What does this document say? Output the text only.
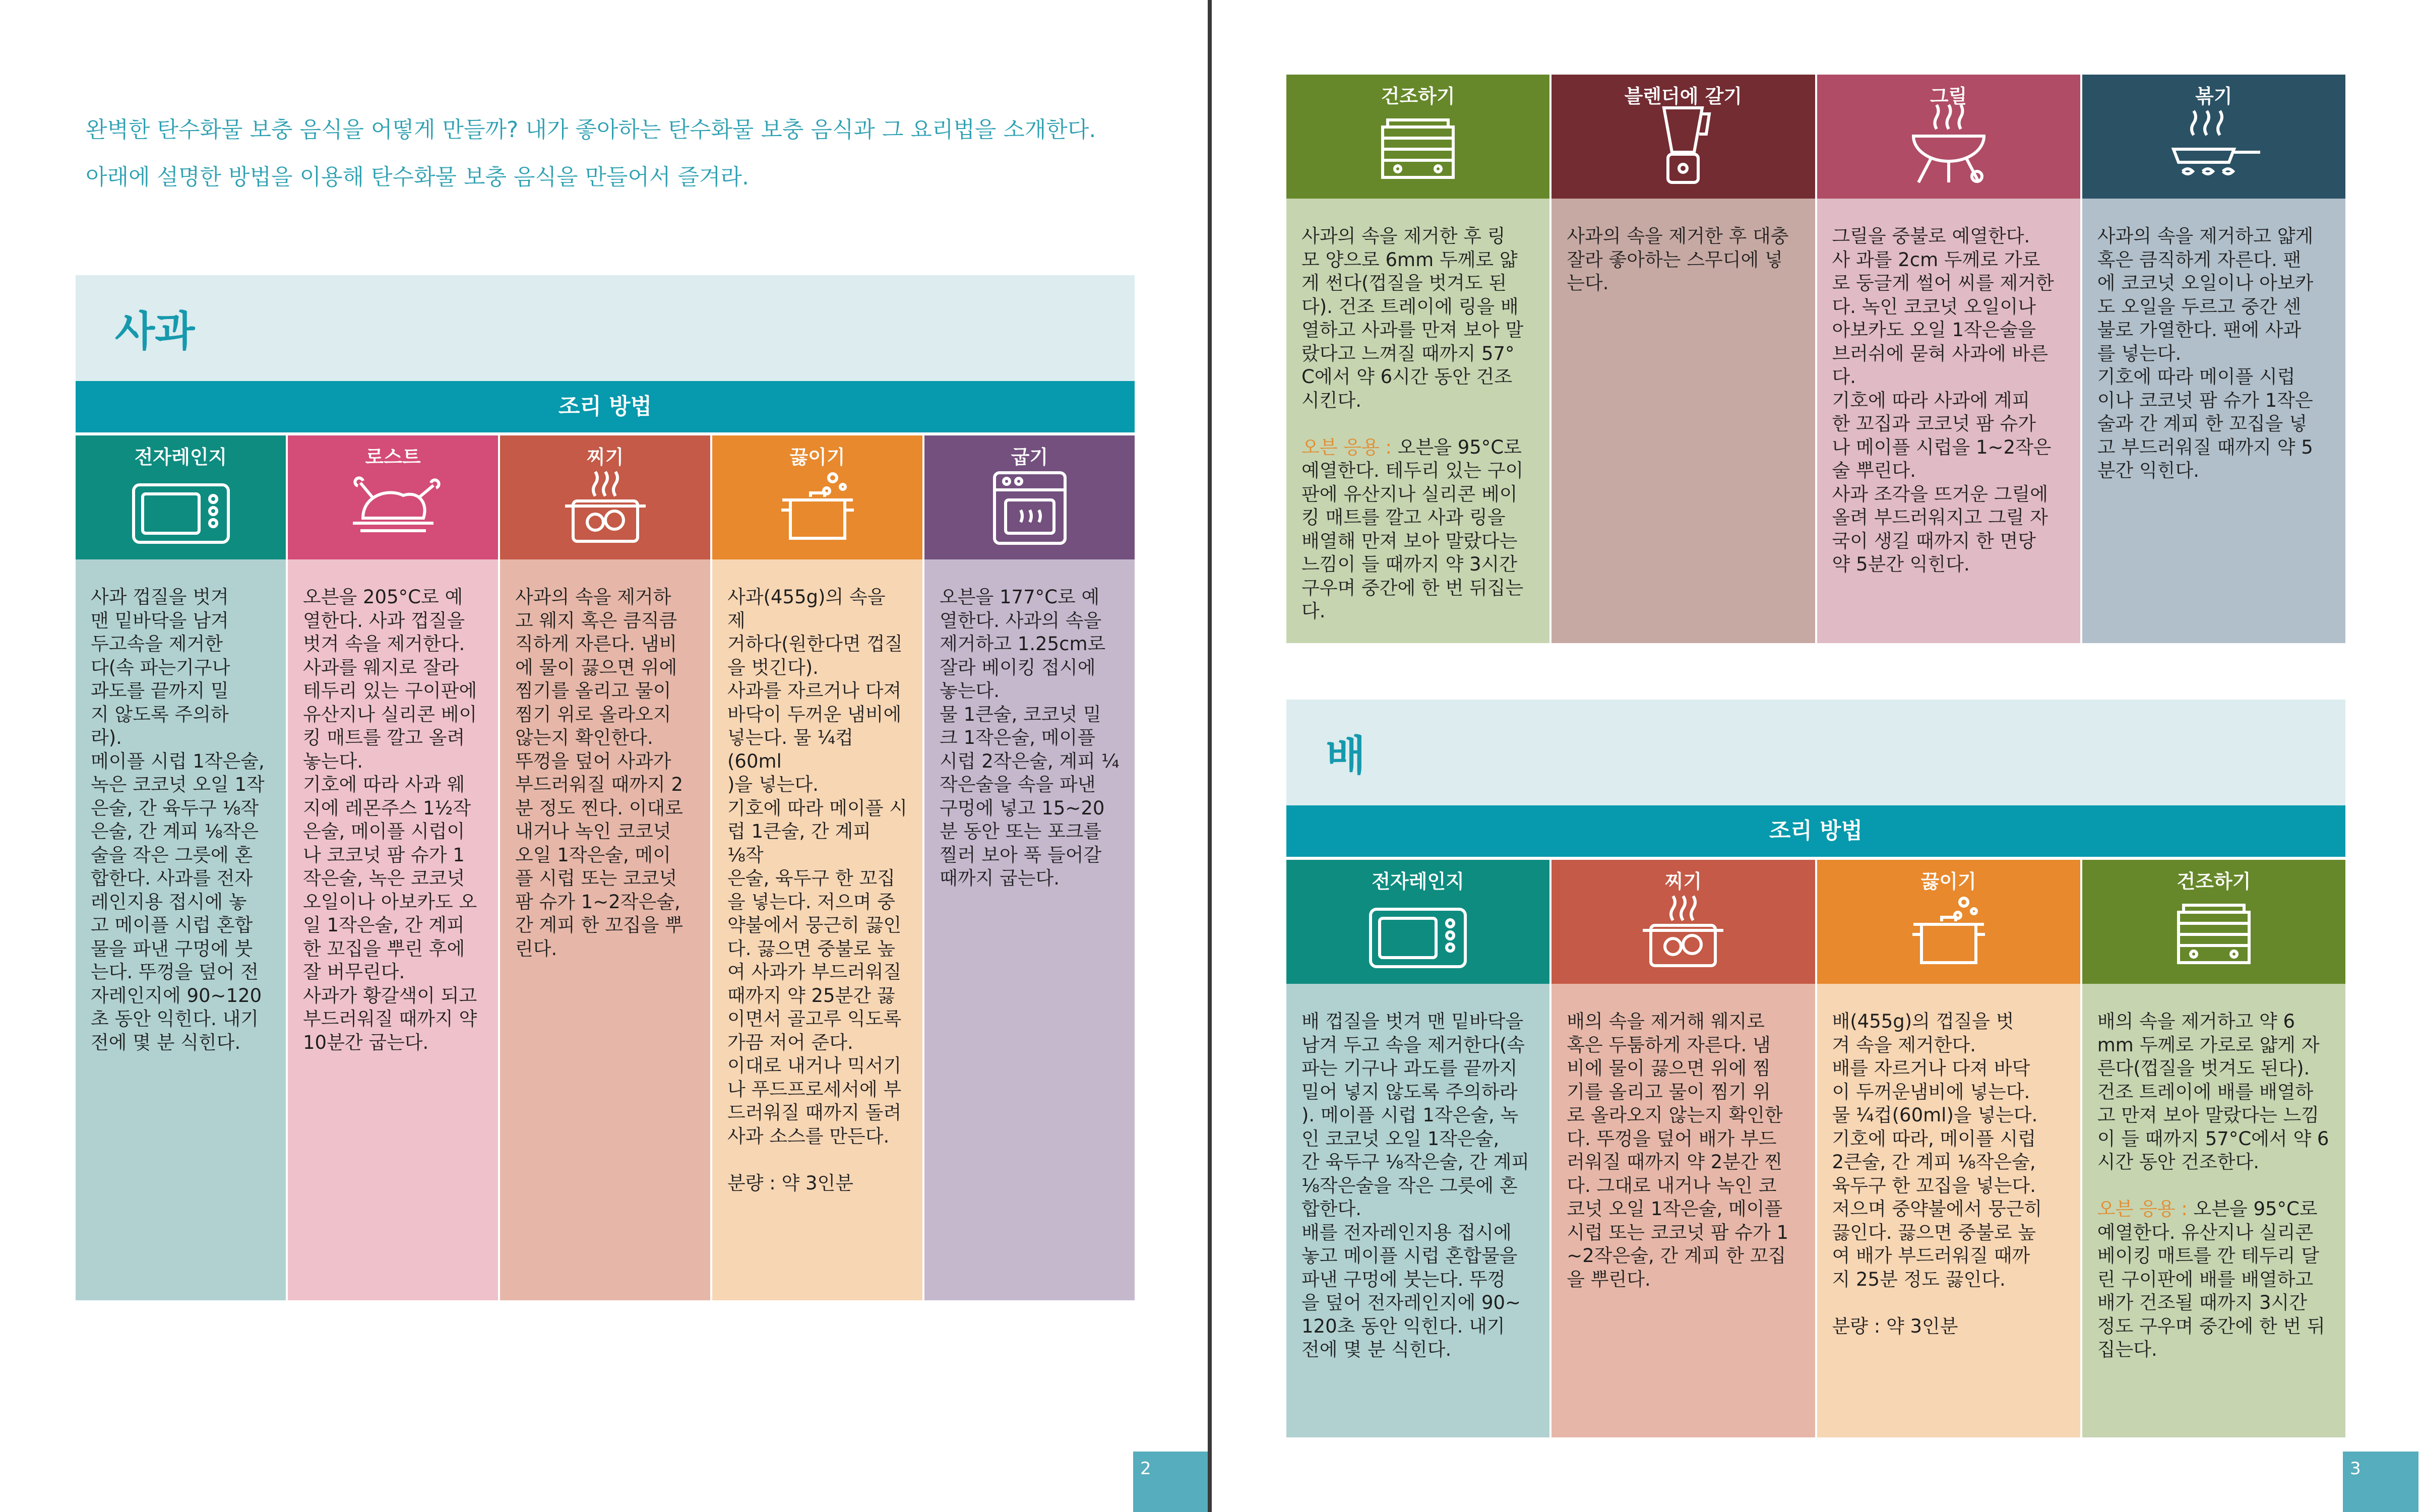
완벽한 탄수화물 보충 음식을 어떻게 만들까? 내가 좋아하는 탄수화물 보충 음식과 그 요리법을 소개한다.
아래에 설명한 방법을 이용해 탄수화물 보충 음식을 만들어서 즐겨라.
사과
조리 방법
전자레인지
사과 껍질을 벗겨
맨 밑바닥을 남겨
두고속을 제거한
다(속 파는기구나
과도를 끝까지 밀
지 않도록 주의하
라).
메이플 시럽 1작은술,
녹은 코코넛 오일 1작
은술, 간 육두구 ⅛작
은술, 간 계피 ⅛작은
술을 작은 그릇에 혼
합한다. 사과를 전자
레인지용 접시에 놓
고 메이플 시럽 혼합
물을 파낸 구멍에 붓
는다. 뚜껑을 덮어 전
자레인지에 90~120
초 동안 익힌다. 내기
전에 몇 분 식힌다.
로스트
오븐을 205°C로 예
열한다. 사과 껍질을
벗겨 속을 제거한다.
사과를 웨지로 잘라
테두리 있는 구이판에
유산지나 실리콘 베이
킹 매트를 깔고 올려
놓는다.
기호에 따라 사과 웨
지에 레몬주스 1½작
은술, 메이플 시럽이
나 코코넛 팜 슈가 1
작은술, 녹은 코코넛
오일이나 아보카도 오
일 1작은술, 간 계피
한 꼬집을 뿌린 후에
잘 버무린다.
사과가 황갈색이 되고
부드러워질 때까지 약
10분간 굽는다.
찌기
사과의 속을 제거하
고 웨지 혹은 큼직큼
직하게 자른다. 냄비
에 물이 끓으면 위에
찜기를 올리고 물이
찜기 위로 올라오지
않는지 확인한다.
뚜껑을 덮어 사과가
부드러워질 때까지 2
분 정도 찐다. 이대로
내거나 녹인 코코넛
오일 1작은술, 메이
플 시럽 또는 코코넛
팜 슈가 1~2작은술,
간 계피 한 꼬집을 뿌
린다.
끓이기
사과(455g)의 속을 제
거하다(원한다면 껍질
을 벗긴다).
사과를 자르거나 다져
바닥이 두꺼운 냄비에
넣는다. 물 ¼컵(60ml
)을 넣는다.
기호에 따라 메이플 시
럽 1큰술, 간 계피 ⅛작
은술, 육두구 한 꼬집
을 넣는다. 저으며 중
약불에서 뭉근히 끓인
다. 끓으면 중불로 높
여 사과가 부드러워질
때까지 약 25분간 끓
이면서 골고루 익도록
가끔 저어 준다.
이대로 내거나 믹서기
나 푸드프로세서에 부
드러워질 때까지 돌려
사과 소스를 만든다.

분량 : 약 3인분
굽기
오븐을 177°C로 예
열한다. 사과의 속을
제거하고 1.25cm로
잘라 베이킹 접시에
놓는다.
물 1큰술, 코코넛 밀
크 1작은술, 메이플
시럽 2작은술, 계피 ¼
작은술을 속을 파낸
구멍에 넣고 15~20
분 동안 또는 포크를
찔러 보아 푹 들어갈
때까지 굽는다.
2
건조하기
사과의 속을 제거한 후 링
모 양으로 6mm 두께로 얇
게 썬다(껍질을 벗겨도 된
다). 건조 트레이에 링을 배
열하고 사과를 만져 보아 말
랐다고 느껴질 때까지 57°
C에서 약 6시간 동안 건조
시킨다.

오븐 응용 : 오븐을 95°C로
예열한다. 테두리 있는 구이
판에 유산지나 실리콘 베이
킹 매트를 깔고 사과 링을
배열해 만져 보아 말랐다는
느낌이 들 때까지 약 3시간
구우며 중간에 한 번 뒤집는
다.
블렌더에 갈기
사과의 속을 제거한 후 대충
잘라 좋아하는 스무디에 넣
는다.
그릴
그릴을 중불로 예열한다.
사 과를 2cm 두께로 가로
로 둥글게 썰어 씨를 제거한
다. 녹인 코코넛 오일이나
아보카도 오일 1작은술을
브러쉬에 묻혀 사과에 바른
다.
기호에 따라 사과에 계피
한 꼬집과 코코넛 팜 슈가
나 메이플 시럽을 1~2작은
술 뿌린다.
사과 조각을 뜨거운 그릴에
올려 부드러워지고 그릴 자
국이 생길 때까지 한 면당
약 5분간 익힌다.
볶기
사과의 속을 제거하고 얇게
혹은 큼직하게 자른다. 팬
에 코코넛 오일이나 아보카
도 오일을 두르고 중간 센
불로 가열한다. 팬에 사과
를 넣는다.
기호에 따라 메이플 시럽
이나 코코넛 팜 슈가 1작은
술과 간 계피 한 꼬집을 넣
고 부드러워질 때까지 약 5
분간 익힌다.
배
조리 방법
전자레인지
배 껍질을 벗겨 맨 밑바닥을
남겨 두고 속을 제거한다(속
파는 기구나 과도를 끝까지
밀어 넣지 않도록 주의하라
). 메이플 시럽 1작은술, 녹
인 코코넛 오일 1작은술,
간 육두구 ⅛작은술, 간 계피
⅛작은술을 작은 그릇에 혼
합한다.
배를 전자레인지용 접시에
놓고 메이플 시럽 혼합물을
파낸 구멍에 붓는다. 뚜껑
을 덮어 전자레인지에 90~
120초 동안 익힌다. 내기
전에 몇 분 식힌다.
찌기
배의 속을 제거해 웨지로
혹은 두툼하게 자른다. 냄
비에 물이 끓으면 위에 찜
기를 올리고 물이 찜기 위
로 올라오지 않는지 확인한
다. 뚜껑을 덮어 배가 부드
러워질 때까지 약 2분간 찐
다. 그대로 내거나 녹인 코
코넛 오일 1작은술, 메이플
시럽 또는 코코넛 팜 슈가 1
~2작은술, 간 계피 한 꼬집
을 뿌린다.
끓이기
배(455g)의 껍질을 벗
겨 속을 제거한다.
배를 자르거나 다져 바닥
이 두꺼운냄비에 넣는다.
물 ¼컵(60ml)을 넣는다.
기호에 따라, 메이플 시럽
2큰술, 간 계피 ⅛작은술,
육두구 한 꼬집을 넣는다.
저으며 중약불에서 뭉근히
끓인다. 끓으면 중불로 높
여 배가 부드러워질 때까
지 25분 정도 끓인다.

분량 : 약 3인분
건조하기
배의 속을 제거하고 약 6
mm 두께로 가로로 얇게 자
른다(껍질을 벗겨도 된다).
건조 트레이에 배를 배열하
고 만져 보아 말랐다는 느낌
이 들 때까지 57°C에서 약 6
시간 동안 건조한다.

오븐 응용 : 오븐을 95°C로
예열한다. 유산지나 실리콘
베이킹 매트를 깐 테두리 달
린 구이판에 배를 배열하고
배가 건조될 때까지 3시간
정도 구우며 중간에 한 번 뒤
집는다.
3
